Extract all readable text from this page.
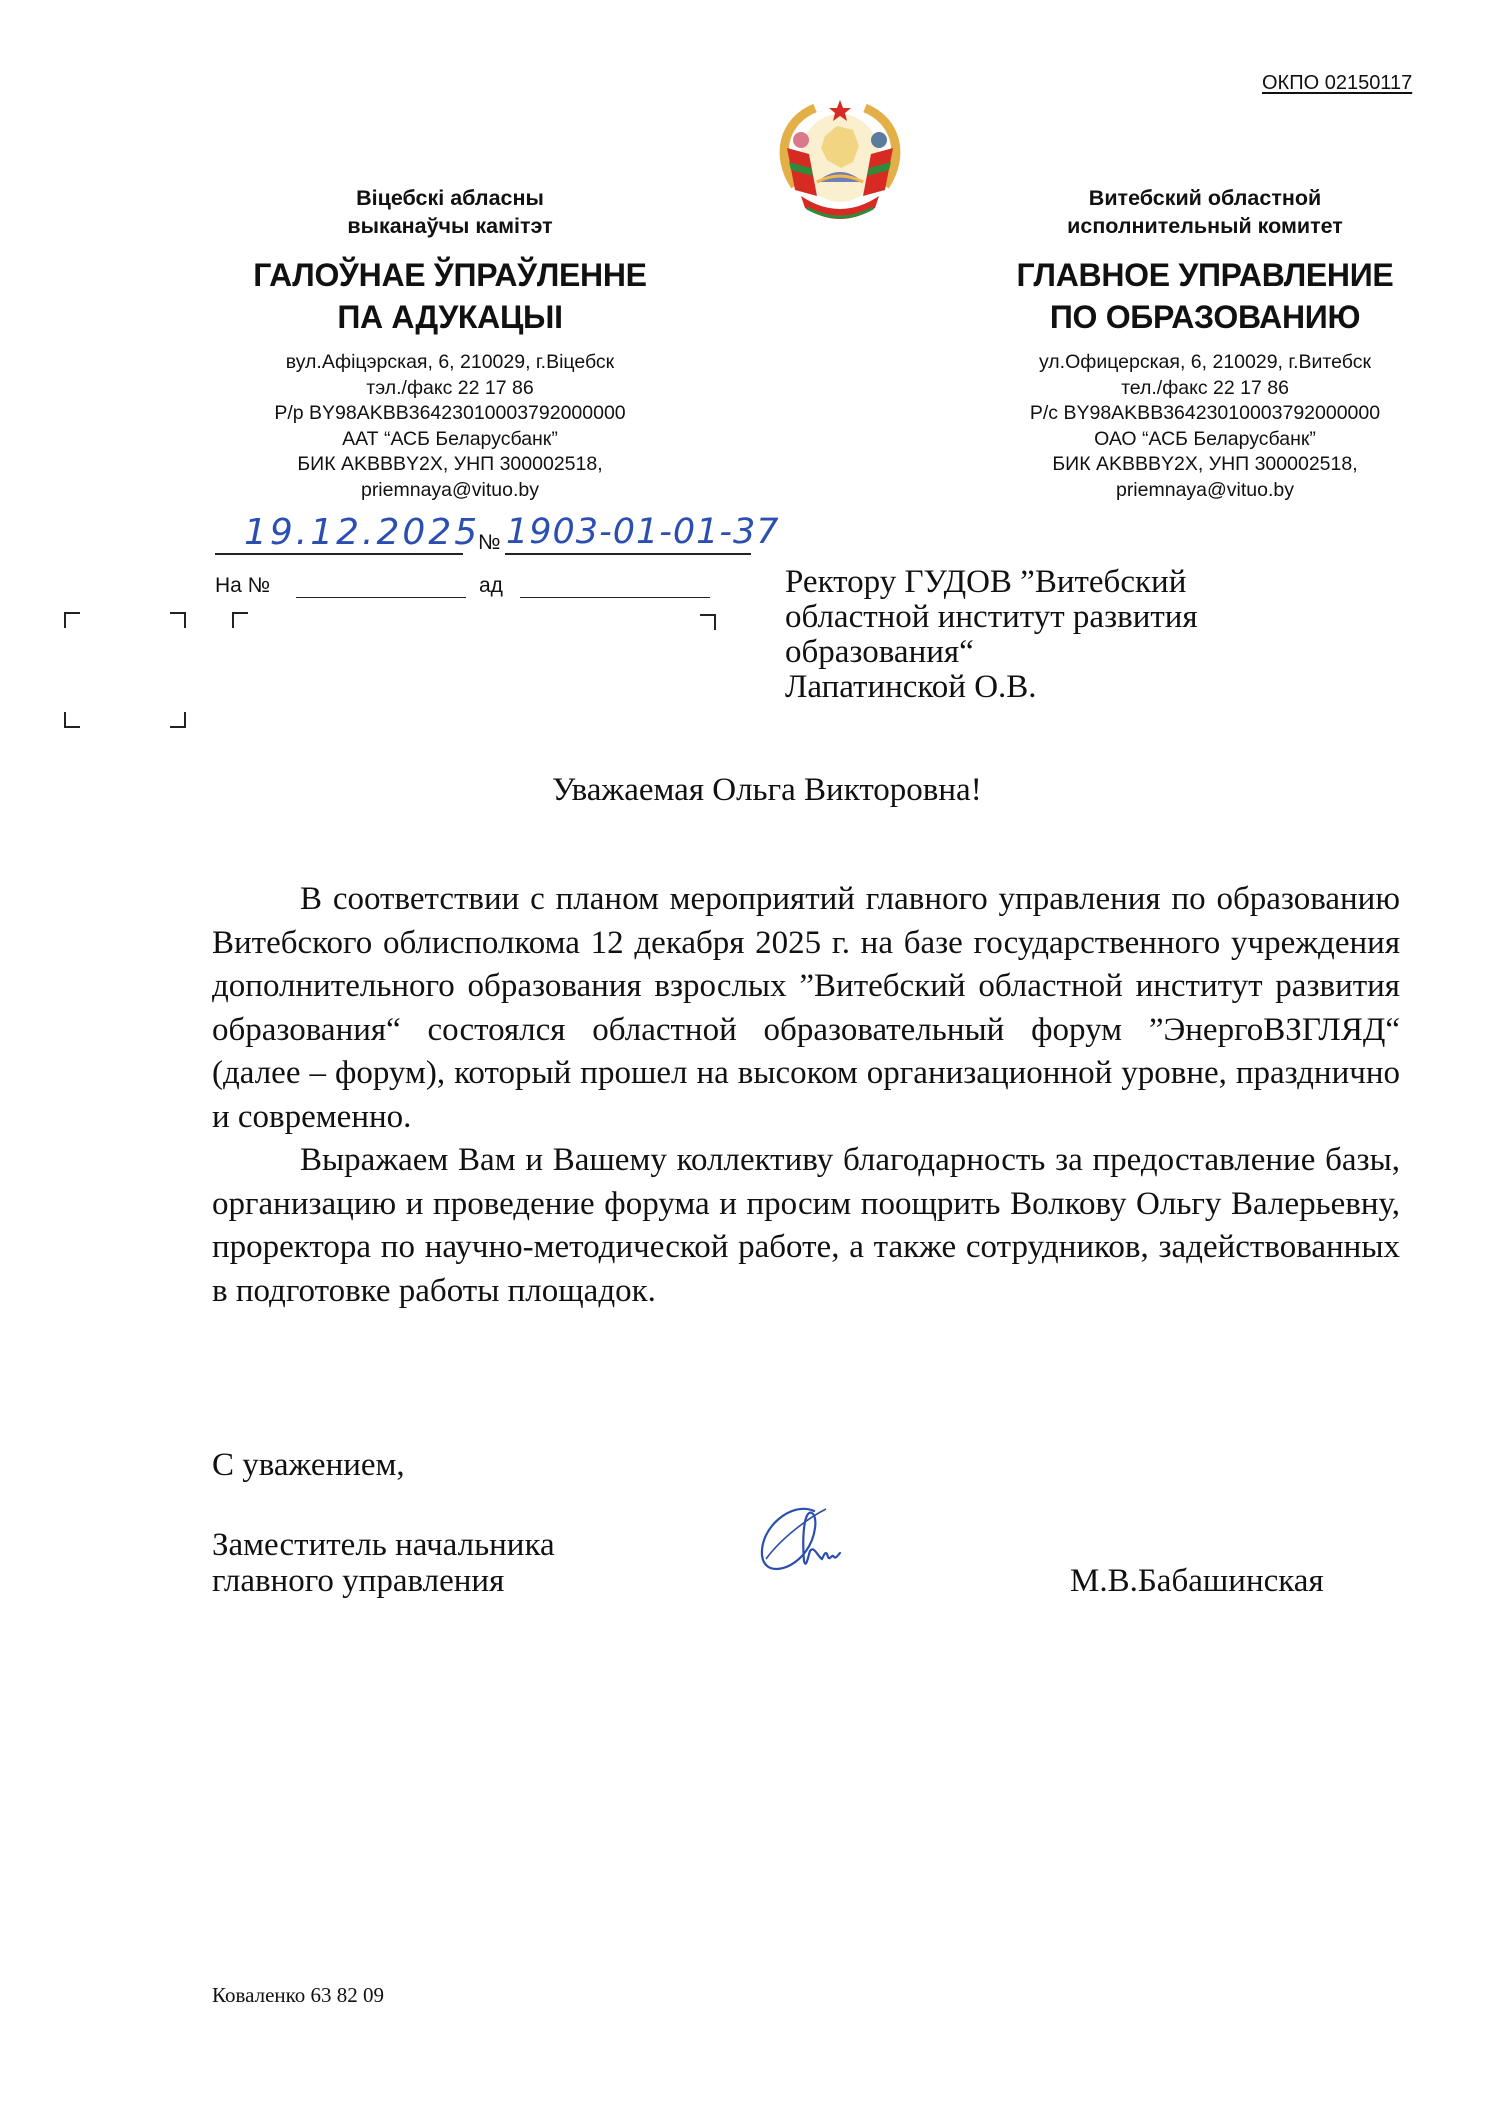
ОКПО 02150117
Віцебскі абласны
выканаўчы камітэт
ГАЛОЎНАЕ ЎПРАЎЛЕННЕ
ПА АДУКАЦЫІ
вул.Афіцэрская, 6, 210029, г.Віцебск
тэл./факс 22 17 86
Р/р BY98AKBB36423010003792000000
ААТ “АСБ Беларусбанк”
БИК AKBBBY2X, УНП 300002518,
priemnaya@vituo.by
Витебский областной
исполнительный комитет
ГЛАВНОЕ УПРАВЛЕНИЕ
ПО ОБРАЗОВАНИЮ
ул.Офицерская, 6, 210029, г.Витебск
тел./факс 22 17 86
Р/с BY98AKBB36423010003792000000
ОАО “АСБ Беларусбанк”
БИК AKBBBY2X, УНП 300002518,
priemnaya@vituo.by
19.12.2025
№ 1903-01-01-37
На №	ад	Ректору ГУДОВ ”Витебский
областной институт развития
образования“
Лапатинской О.В.
Уважаемая Ольга Викторовна!

В соответствии с планом мероприятий главного управления по образованию Витебского облисполкома 12 декабря 2025 г. на базе государственного учреждения дополнительного образования взрослых ”Витебский областной институт развития образования“ состоялся областной образовательный форум ”ЭнергоВЗГЛЯД“ (далее – форум), который прошел на высоком организационной уровне, празднично и современно.

Выражаем Вам и Вашему коллективу благодарность за предоставление базы, организацию и проведение форума и просим поощрить Волкову Ольгу Валерьевну, проректора по научно-методической работе, а также сотрудников, задействованных в подготовке работы площадок.

С уважением,
Заместитель начальника
главного управления	М.В.Бабашинская
Коваленко 63 82 09
